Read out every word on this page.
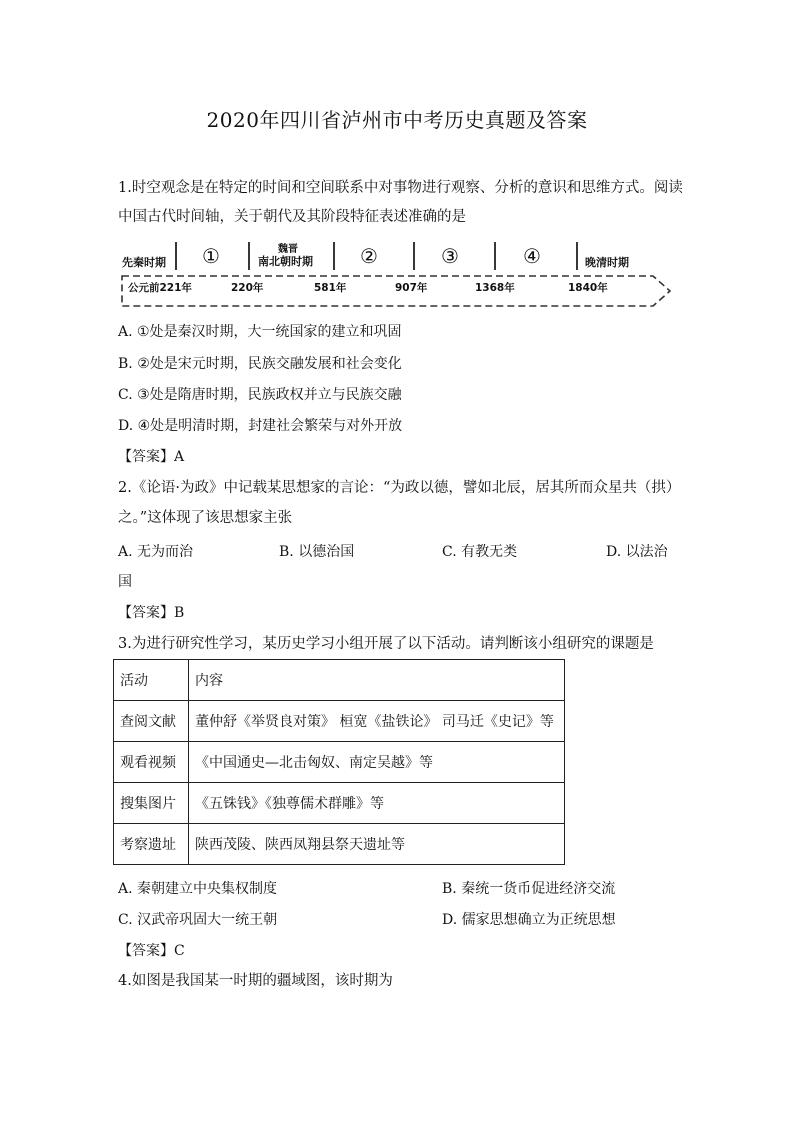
2020年四川省泸州市中考历史真题及答案
1.时空观念是在特定的时间和空间联系中对事物进行观察、分析的意识和思维方式。阅读
中国古代时间轴，关于朝代及其阶段特征表述准确的是
先秦时期 ①	魏晋
南北朝时期 ②	③	④	晚清时期
公元前221年	220年	581年	907年	1368年	1840年
A. ①处是秦汉时期，大一统国家的建立和巩固
B. ②处是宋元时期，民族交融发展和社会变化
C. ③处是隋唐时期，民族政权并立与民族交融
D. ④处是明清时期，封建社会繁荣与对外开放
【答案】A
2.《论语·为政》中记载某思想家的言论：“为政以德，譬如北辰，居其所而众星共（拱）
之。”这体现了该思想家主张
A. 无为而治	B. 以德治国	C. 有教无类	D. 以法治
国
【答案】B
3.为进行研究性学习，某历史学习小组开展了以下活动。请判断该小组研究的课题是
活动	内容
查阅文献	董仲舒《举贤良对策》 桓宽《盐铁论》 司马迁《史记》等
观看视频	《中国通史—北击匈奴、南定吴越》等
搜集图片	《五铢钱》《独尊儒术群雕》等
考察遗址	陕西茂陵、陕西凤翔县祭天遗址等
A. 秦朝建立中央集权制度	B. 秦统一货币促进经济交流
C. 汉武帝巩固大一统王朝	D. 儒家思想确立为正统思想
【答案】C
4.如图是我国某一时期的疆域图，该时期为
